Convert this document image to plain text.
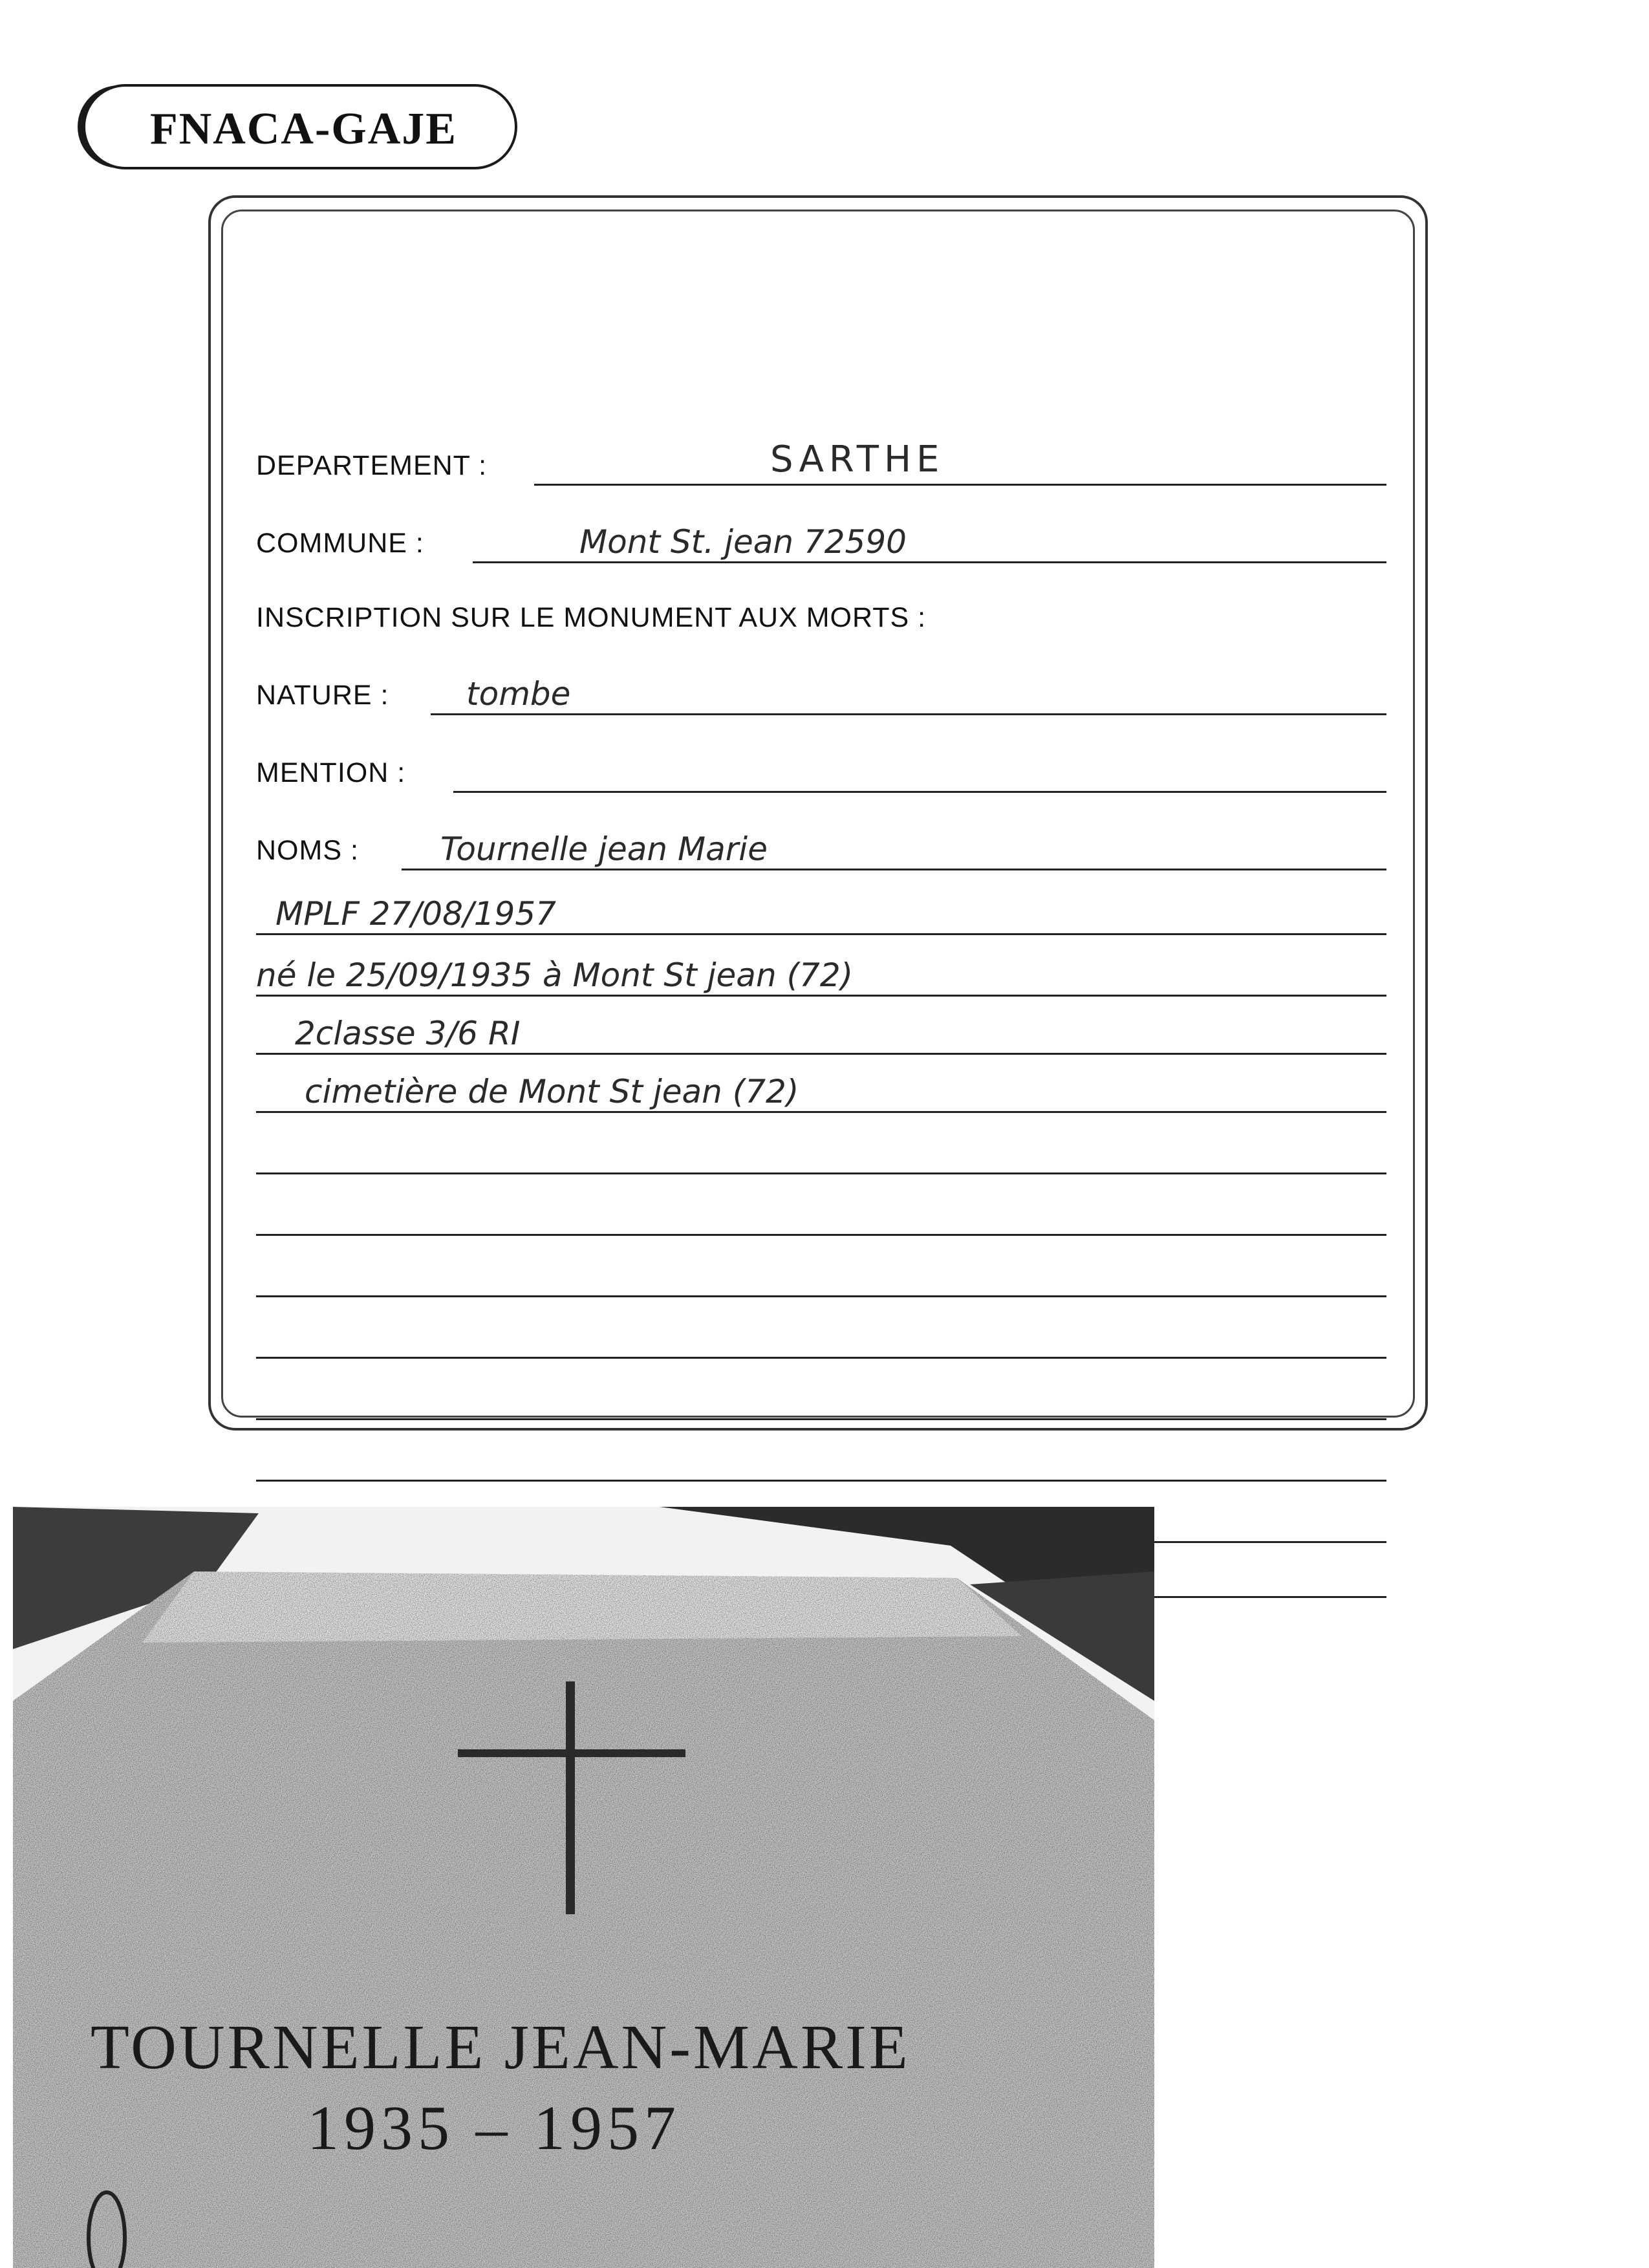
FNACA-GAJE
DEPARTEMENT :	SARTHE
COMMUNE :	Mont St. jean 72590
INSCRIPTION SUR LE MONUMENT AUX MORTS :
NATURE : tombe
MENTION :
NOMS :	Tournelle jean Marie
MPLF 27/08/1957
né le 25/09/1935 à Mont St jean (72)
2classe 3/6 RI
cimetière de Mont St jean (72)
TOURNELLE JEAN-MARIE
1935 – 1957
